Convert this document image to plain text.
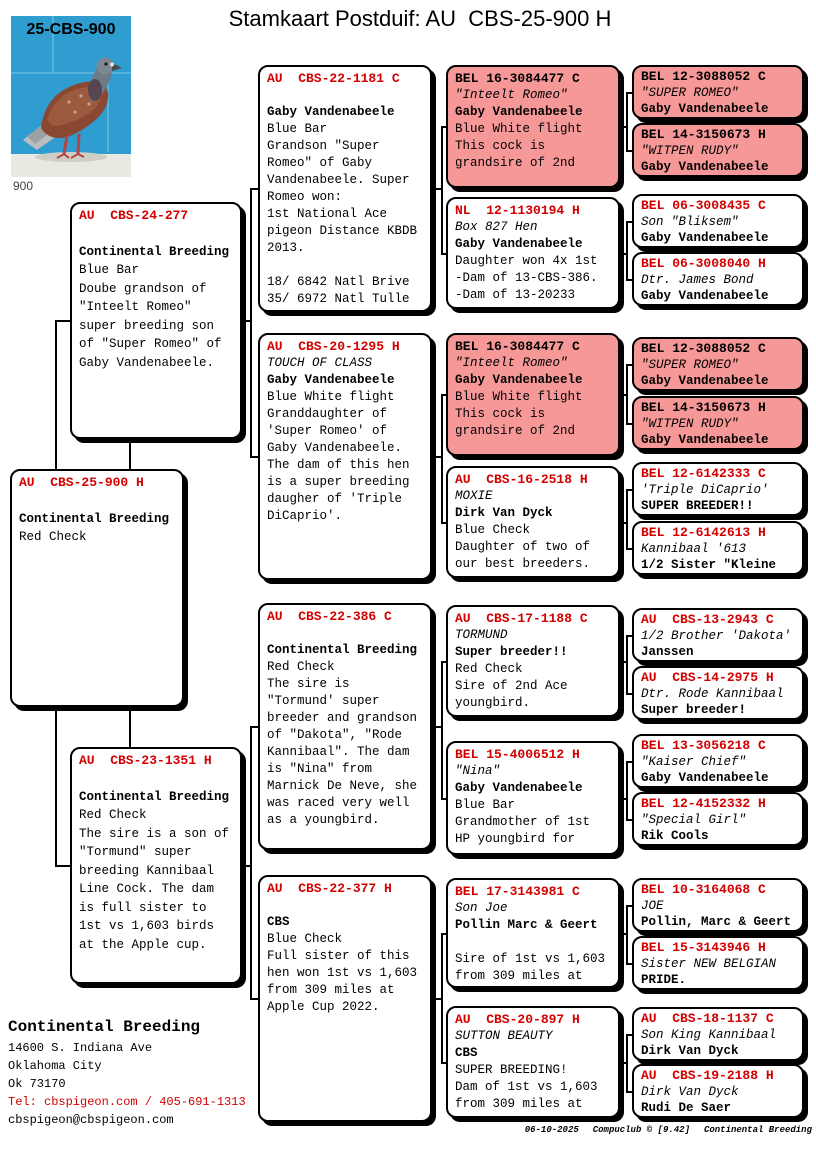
Stamkaart Postduif: AU  CBS-25-900 H
25-CBS-900
900
AU  CBS-24-277

Continental Breeding
Blue Bar
Doube grandson of
"Inteelt Romeo"
super breeding son
of "Super Romeo" of
Gaby Vandenabeele.
AU  CBS-25-900 H

Continental Breeding
Red Check
AU  CBS-23-1351 H

Continental Breeding
Red Check
The sire is a son of
"Tormund" super
breeding Kannibaal
Line Cock. The dam
is full sister to
1st vs 1,603 birds
at the Apple cup.
AU  CBS-22-1181 C

Gaby Vandenabeele
Blue Bar
Grandson "Super
Romeo" of Gaby
Vandenabeele. Super
Romeo won:
1st National Ace
pigeon Distance KBDB
2013.

18/ 6842 Natl Brive
35/ 6972 Natl Tulle
AU  CBS-20-1295 H
TOUCH OF CLASS
Gaby Vandenabeele
Blue White flight
Granddaughter of
'Super Romeo' of
Gaby Vandenabeele.
The dam of this hen
is a super breeding
daugher of 'Triple
DiCaprio'.
AU  CBS-22-386 C

Continental Breeding
Red Check
The sire is
"Tormund' super
breeder and grandson
of "Dakota", "Rode
Kannibaal". The dam
is "Nina" from
Marnick De Neve, she
was raced very well
as a youngbird.
AU  CBS-22-377 H

CBS
Blue Check
Full sister of this
hen won 1st vs 1,603
from 309 miles at
Apple Cup 2022.
BEL 16-3084477 C
"Inteelt Romeo"
Gaby Vandenabeele
Blue White flight
This cock is
grandsire of 2nd
NL  12-1130194 H
Box 827 Hen
Gaby Vandenabeele
Daughter won 4x 1st
-Dam of 13-CBS-386.
-Dam of 13-20233
BEL 16-3084477 C
"Inteelt Romeo"
Gaby Vandenabeele
Blue White flight
This cock is
grandsire of 2nd
AU  CBS-16-2518 H
MOXIE
Dirk Van Dyck
Blue Check
Daughter of two of
our best breeders.
AU  CBS-17-1188 C
TORMUND
Super breeder!!
Red Check
Sire of 2nd Ace
youngbird.
BEL 15-4006512 H
"Nina"
Gaby Vandenabeele
Blue Bar
Grandmother of 1st
HP youngbird for
BEL 17-3143981 C
Son Joe
Pollin Marc & Geert

Sire of 1st vs 1,603
from 309 miles at
AU  CBS-20-897 H
SUTTON BEAUTY
CBS
SUPER BREEDING!
Dam of 1st vs 1,603
from 309 miles at
BEL 12-3088052 C
"SUPER ROMEO"
Gaby Vandenabeele
BEL 14-3150673 H
"WITPEN RUDY"
Gaby Vandenabeele
BEL 06-3008435 C
Son "Bliksem"
Gaby Vandenabeele
BEL 06-3008040 H
Dtr. James Bond
Gaby Vandenabeele
BEL 12-3088052 C
"SUPER ROMEO"
Gaby Vandenabeele
BEL 14-3150673 H
"WITPEN RUDY"
Gaby Vandenabeele
BEL 12-6142333 C
'Triple DiCaprio'
SUPER BREEDER!!
BEL 12-6142613 H
Kannibaal '613
1/2 Sister "Kleine
AU  CBS-13-2943 C
1/2 Brother 'Dakota'
Janssen
AU  CBS-14-2975 H
Dtr. Rode Kannibaal
Super breeder!
BEL 13-3056218 C
"Kaiser Chief"
Gaby Vandenabeele
BEL 12-4152332 H
"Special Girl"
Rik Cools
BEL 10-3164068 C
JOE
Pollin, Marc & Geert
BEL 15-3143946 H
Sister NEW BELGIAN
PRIDE.
AU  CBS-18-1137 C
Son King Kannibaal
Dirk Van Dyck
AU  CBS-19-2188 H
Dirk Van Dyck
Rudi De Saer
Continental Breeding
14600 S. Indiana Ave
Oklahoma City
Ok 73170
Tel: cbspigeon.com / 405-691-1313
cbspigeon@cbspigeon.com
06-10-2025 Compuclub © [9.42] Continental Breeding
